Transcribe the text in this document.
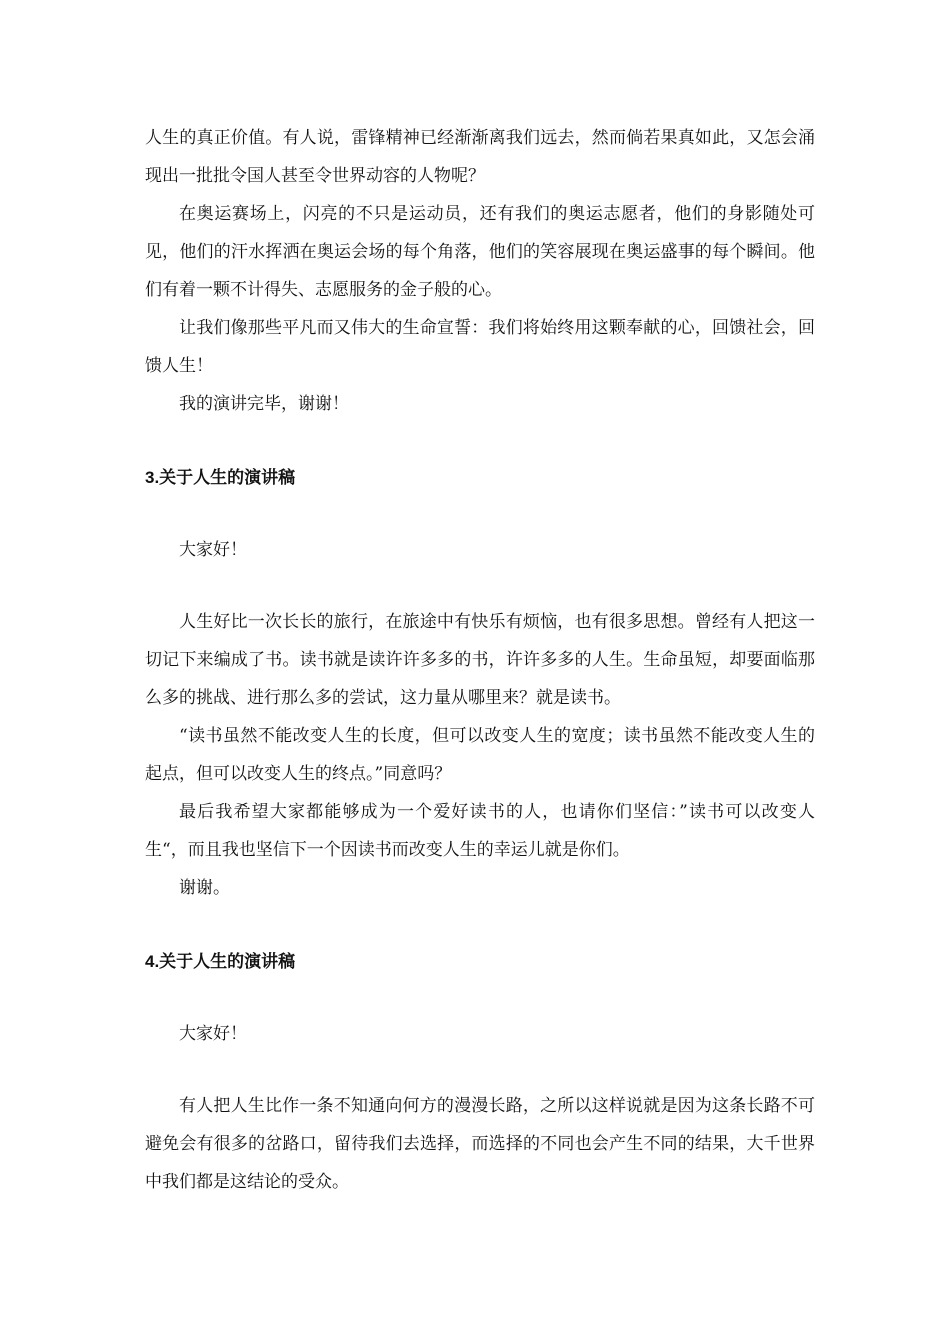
人生的真正价值。有人说，雷锋精神已经渐渐离我们远去，然而倘若果真如此，又怎会涌现出一批批令国人甚至令世界动容的人物呢？

在奥运赛场上，闪亮的不只是运动员，还有我们的奥运志愿者，他们的身影随处可见，他们的汗水挥洒在奥运会场的每个角落，他们的笑容展现在奥运盛事的每个瞬间。他们有着一颗不计得失、志愿服务的金子般的心。

让我们像那些平凡而又伟大的生命宣誓：我们将始终用这颗奉献的心，回馈社会，回馈人生！

我的演讲完毕，谢谢！

3.关于人生的演讲稿

大家好！

人生好比一次长长的旅行，在旅途中有快乐有烦恼，也有很多思想。曾经有人把这一切记下来编成了书。读书就是读许许多多的书，许许多多的人生。生命虽短，却要面临那么多的挑战、进行那么多的尝试，这力量从哪里来？就是读书。

“读书虽然不能改变人生的长度，但可以改变人生的宽度；读书虽然不能改变人生的起点，但可以改变人生的终点。”同意吗？

最后我希望大家都能够成为一个爱好读书的人，也请你们坚信：”读书可以改变人生“，而且我也坚信下一个因读书而改变人生的幸运儿就是你们。

谢谢。

4.关于人生的演讲稿

大家好！

有人把人生比作一条不知通向何方的漫漫长路，之所以这样说就是因为这条长路不可避免会有很多的岔路口，留待我们去选择，而选择的不同也会产生不同的结果，大千世界中我们都是这结论的受众。
